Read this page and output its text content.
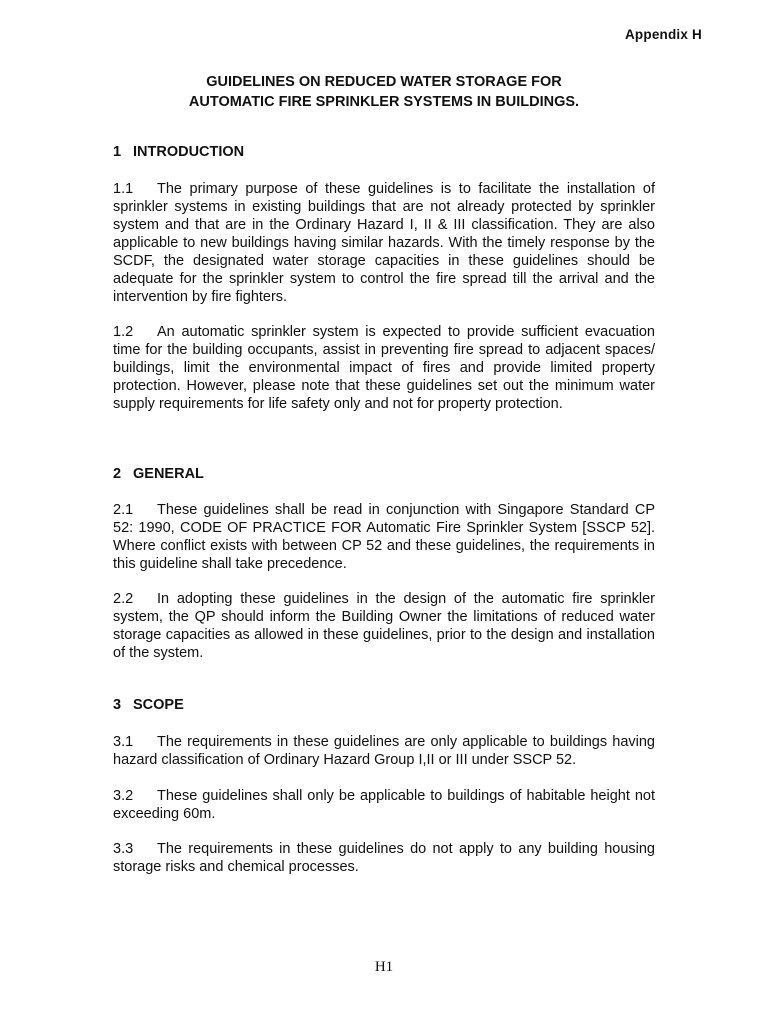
Appendix H
GUIDELINES ON REDUCED WATER STORAGE FOR
AUTOMATIC FIRE SPRINKLER SYSTEMS IN BUILDINGS.
1 INTRODUCTION

1.1 The primary purpose of these guidelines is to facilitate the installation of sprinkler systems in existing buildings that are not already protected by sprinkler system and that are in the Ordinary Hazard I, II & III classification. They are also applicable to new buildings having similar hazards. With the timely response by the SCDF, the designated water storage capacities in these guidelines should be adequate for the sprinkler system to control the fire spread till the arrival and the intervention by fire fighters.

1.2 An automatic sprinkler system is expected to provide sufficient evacuation time for the building occupants, assist in preventing fire spread to adjacent spaces/ buildings, limit the environmental impact of fires and provide limited property protection. However, please note that these guidelines set out the minimum water supply requirements for life safety only and not for property protection.

2 GENERAL

2.1 These guidelines shall be read in conjunction with Singapore Standard CP 52: 1990, CODE OF PRACTICE FOR Automatic Fire Sprinkler System [SSCP 52]. Where conflict exists with between CP 52 and these guidelines, the requirements in this guideline shall take precedence.

2.2 In adopting these guidelines in the design of the automatic fire sprinkler system, the QP should inform the Building Owner the limitations of reduced water storage capacities as allowed in these guidelines, prior to the design and installation of the system.

3 SCOPE

3.1 The requirements in these guidelines are only applicable to buildings having hazard classification of Ordinary Hazard Group I,II or III under SSCP 52.

3.2 These guidelines shall only be applicable to buildings of habitable height not exceeding 60m.

3.3 The requirements in these guidelines do not apply to any building housing storage risks and chemical processes.

H1
